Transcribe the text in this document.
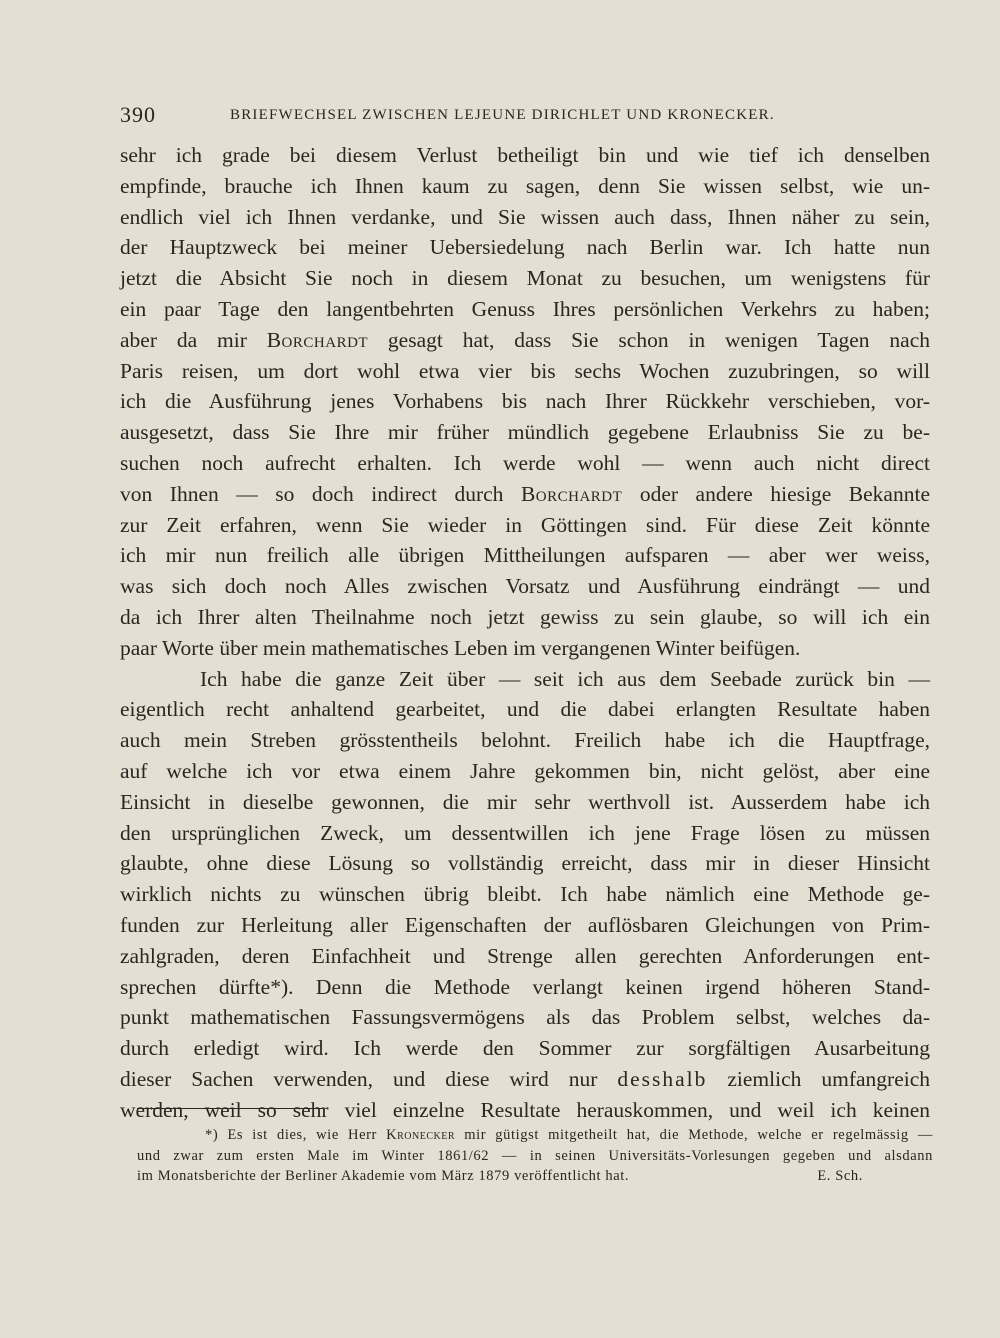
390	BRIEFWECHSEL ZWISCHEN LEJEUNE DIRICHLET UND KRONECKER.
sehr ich grade bei diesem Verlust betheiligt bin und wie tief ich denselben
empfinde, brauche ich Ihnen kaum zu sagen, denn Sie wissen selbst, wie un-
endlich viel ich Ihnen verdanke, und Sie wissen auch dass, Ihnen näher zu sein,
der Hauptzweck bei meiner Uebersiedelung nach Berlin war. Ich hatte nun
jetzt die Absicht Sie noch in diesem Monat zu besuchen, um wenigstens für
ein paar Tage den langentbehrten Genuss Ihres persönlichen Verkehrs zu haben;
aber da mir Borchardt gesagt hat, dass Sie schon in wenigen Tagen nach
Paris reisen, um dort wohl etwa vier bis sechs Wochen zuzubringen, so will
ich die Ausführung jenes Vorhabens bis nach Ihrer Rückkehr verschieben, vor-
ausgesetzt, dass Sie Ihre mir früher mündlich gegebene Erlaubniss Sie zu be-
suchen noch aufrecht erhalten. Ich werde wohl — wenn auch nicht direct
von Ihnen — so doch indirect durch Borchardt oder andere hiesige Bekannte
zur Zeit erfahren, wenn Sie wieder in Göttingen sind. Für diese Zeit könnte
ich mir nun freilich alle übrigen Mittheilungen aufsparen — aber wer weiss,
was sich doch noch Alles zwischen Vorsatz und Ausführung eindrängt — und
da ich Ihrer alten Theilnahme noch jetzt gewiss zu sein glaube, so will ich ein
paar Worte über mein mathematisches Leben im vergangenen Winter beifügen.
Ich habe die ganze Zeit über — seit ich aus dem Seebade zurück bin —
eigentlich recht anhaltend gearbeitet, und die dabei erlangten Resultate haben
auch mein Streben grösstentheils belohnt. Freilich habe ich die Hauptfrage,
auf welche ich vor etwa einem Jahre gekommen bin, nicht gelöst, aber eine
Einsicht in dieselbe gewonnen, die mir sehr werthvoll ist. Ausserdem habe ich
den ursprünglichen Zweck, um dessentwillen ich jene Frage lösen zu müssen
glaubte, ohne diese Lösung so vollständig erreicht, dass mir in dieser Hinsicht
wirklich nichts zu wünschen übrig bleibt. Ich habe nämlich eine Methode ge-
funden zur Herleitung aller Eigenschaften der auflösbaren Gleichungen von Prim-
zahlgraden, deren Einfachheit und Strenge allen gerechten Anforderungen ent-
sprechen dürfte*). Denn die Methode verlangt keinen irgend höheren Stand-
punkt mathematischen Fassungsvermögens als das Problem selbst, welches da-
durch erledigt wird. Ich werde den Sommer zur sorgfältigen Ausarbeitung
dieser Sachen verwenden, und diese wird nur desshalb ziemlich umfangreich
werden, weil so sehr viel einzelne Resultate herauskommen, und weil ich keinen
*) Es ist dies, wie Herr Kronecker mir gütigst mitgetheilt hat, die Methode, welche er regelmässig —
und zwar zum ersten Male im Winter 1861/62 — in seinen Universitäts-Vorlesungen gegeben und alsdann
im Monatsberichte der Berliner Akademie vom März 1879 veröffentlicht hat.	E. Sch.
